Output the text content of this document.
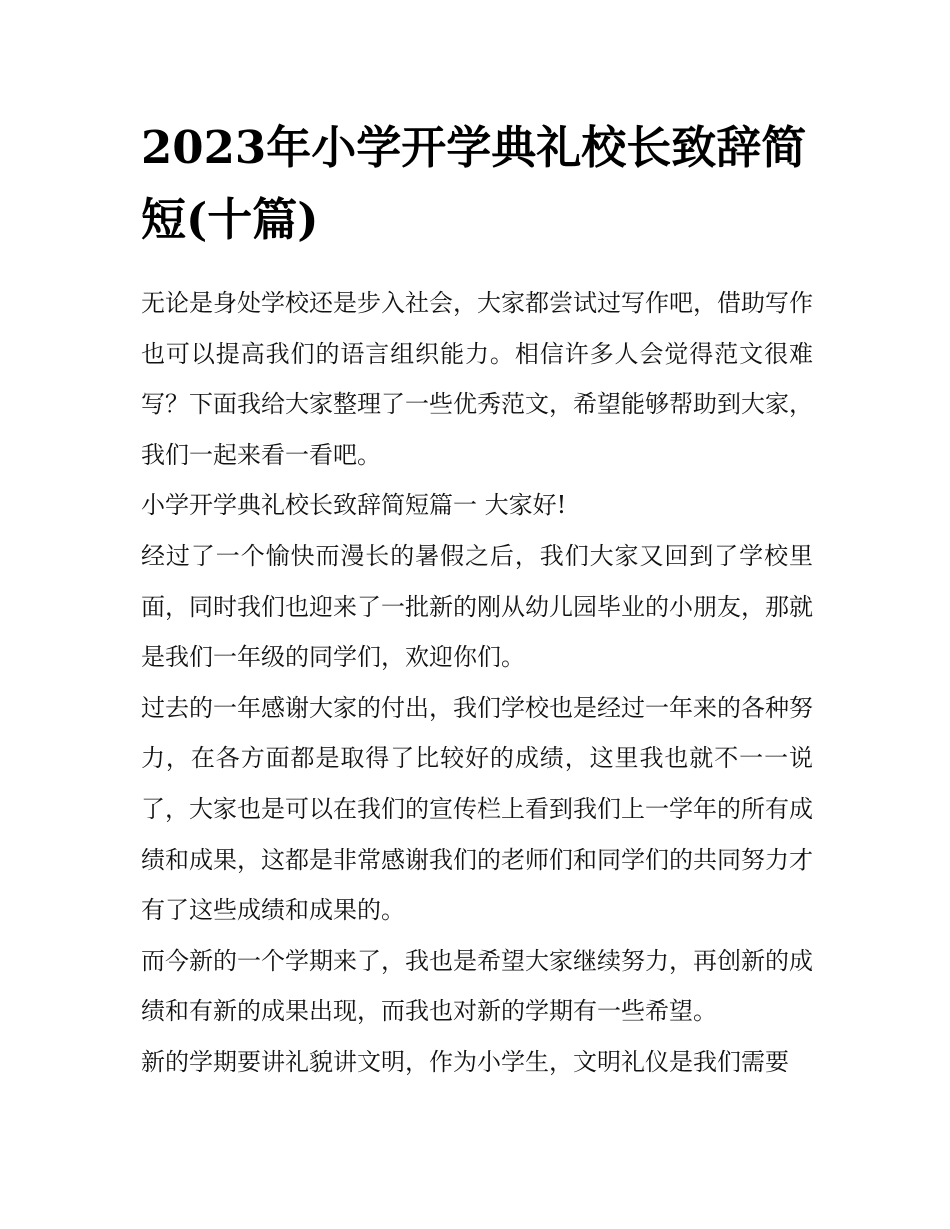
2023年小学开学典礼校长致辞简短(十篇)

无论是身处学校还是步入社会，大家都尝试过写作吧，借助写作也可以提高我们的语言组织能力。相信许多人会觉得范文很难写？下面我给大家整理了一些优秀范文，希望能够帮助到大家，我们一起来看一看吧。

小学开学典礼校长致辞简短篇一 大家好!

经过了一个愉快而漫长的暑假之后，我们大家又回到了学校里面，同时我们也迎来了一批新的刚从幼儿园毕业的小朋友，那就是我们一年级的同学们，欢迎你们。

过去的一年感谢大家的付出，我们学校也是经过一年来的各种努力，在各方面都是取得了比较好的成绩，这里我也就不一一说了，大家也是可以在我们的宣传栏上看到我们上一学年的所有成绩和成果，这都是非常感谢我们的老师们和同学们的共同努力才有了这些成绩和成果的。

而今新的一个学期来了，我也是希望大家继续努力，再创新的成绩和有新的成果出现，而我也对新的学期有一些希望。

新的学期要讲礼貌讲文明，作为小学生，文明礼仪是我们需要
